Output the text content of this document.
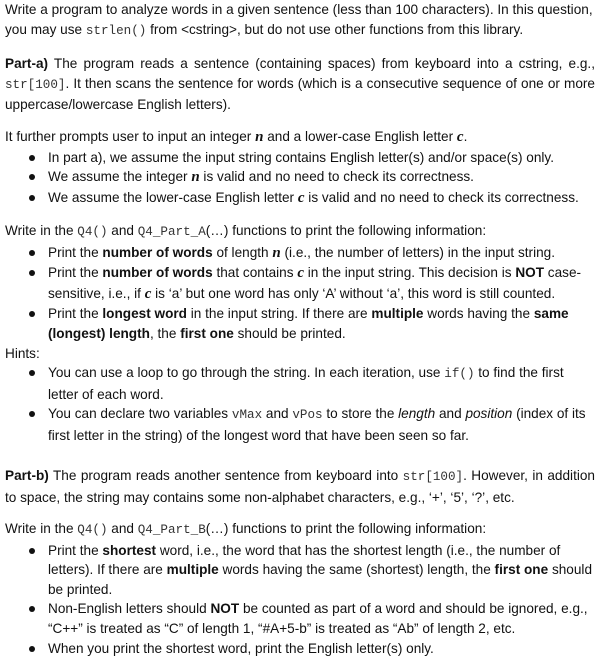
Write a program to analyze words in a given sentence (less than 100 characters). In this question,

you may use strlen() from <cstring>, but do not use other functions from this library.

Part-a) The program reads a sentence (containing spaces) from keyboard into a cstring, e.g., str[100]. It then scans the sentence for words (which is a consecutive sequence of one or more uppercase/lowercase English letters).

It further prompts user to input an integer n and a lower-case English letter c.

In part a), we assume the input string contains English letter(s) and/or space(s) only.
We assume the integer n is valid and no need to check its correctness.
We assume the lower-case English letter c is valid and no need to check its correctness.

Write in the Q4() and Q4_Part_A(…) functions to print the following information:

Print the number of words of length n (i.e., the number of letters) in the input string.
Print the number of words that contains c in the input string. This decision is NOT case-sensitive, i.e., if c is ‘a’ but one word has only ‘A’ without ‘a’, this word is still counted.
Print the longest word in the input string. If there are multiple words having the same (longest) length, the first one should be printed.

Hints:

You can use a loop to go through the string. In each iteration, use if() to find the first letter of each word.
You can declare two variables vMax and vPos to store the length and position (index of its first letter in the string) of the longest word that have been seen so far.

Part-b) The program reads another sentence from keyboard into str[100]. However, in addition to space, the string may contains some non-alphabet characters, e.g., ‘+’, ‘5’, ‘?’, etc.

Write in the Q4() and Q4_Part_B(…) functions to print the following information:

Print the shortest word, i.e., the word that has the shortest length (i.e., the number of letters). If there are multiple words having the same (shortest) length, the first one should be printed.
Non-English letters should NOT be counted as part of a word and should be ignored, e.g., “C++” is treated as “C” of length 1, “#A+5-b” is treated as “Ab” of length 2, etc.
When you print the shortest word, print the English letter(s) only.
